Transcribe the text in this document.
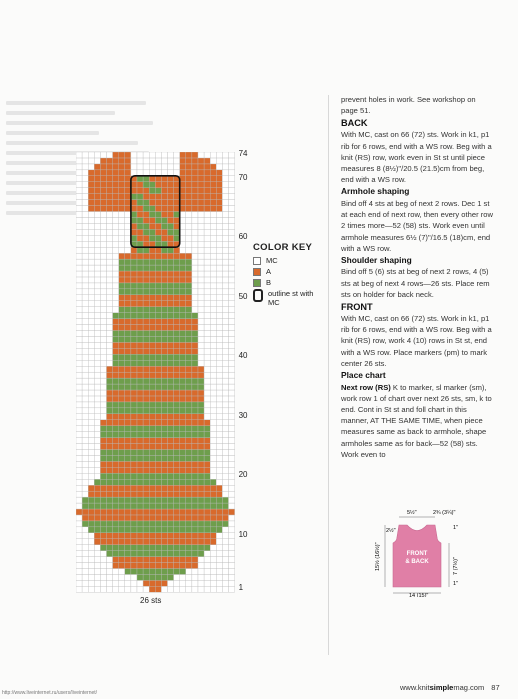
74
70
60
50
40
30
20
10
1
26 sts
COLOR KEY
MC
A
B
outline st with MC

prevent holes in work. See workshop on page 51.

BACK

With MC, cast on 66 (72) sts. Work in k1, p1 rib for 6 rows, end with a WS row. Beg with a knit (RS) row, work even in St st until piece measures 8 (8½)"/20.5 (21.5)cm from beg, end with a WS row.

Armhole shaping

Bind off 4 sts at beg of next 2 rows. Dec 1 st at each end of next row, then every other row 2 times more—52 (58) sts. Work even until armhole measures 6½ (7)"/16.5 (18)cm, end with a WS row.

Shoulder shaping

Bind off 5 (6) sts at beg of next 2 rows, 4 (5) sts at beg of next 4 rows—26 sts. Place rem sts on holder for back neck.

FRONT

With MC, cast on 66 (72) sts. Work in k1, p1 rib for 6 rows, end with a WS row. Beg with a knit (RS) row, work 4 (10) rows in St st, end with a WS row. Place markers (pm) to mark center 26 sts.

Place chart

Next row (RS) K to marker, sl marker (sm), work row 1 of chart over next 26 sts, sm, k to end. Cont in St st and foll chart in this manner, AT THE SAME TIME, when piece measures same as back to armhole, shape armholes same as for back—52 (58) sts. Work even to

5½"	2¾ (3¼)"
2½"	1"
15½ (16½)"	7 (7½)"
1"
14 (15)"
FRONT
& BACK
www.knitsimplemag.com 87
http://www.liveinternet.ru/users/liveinternet/
